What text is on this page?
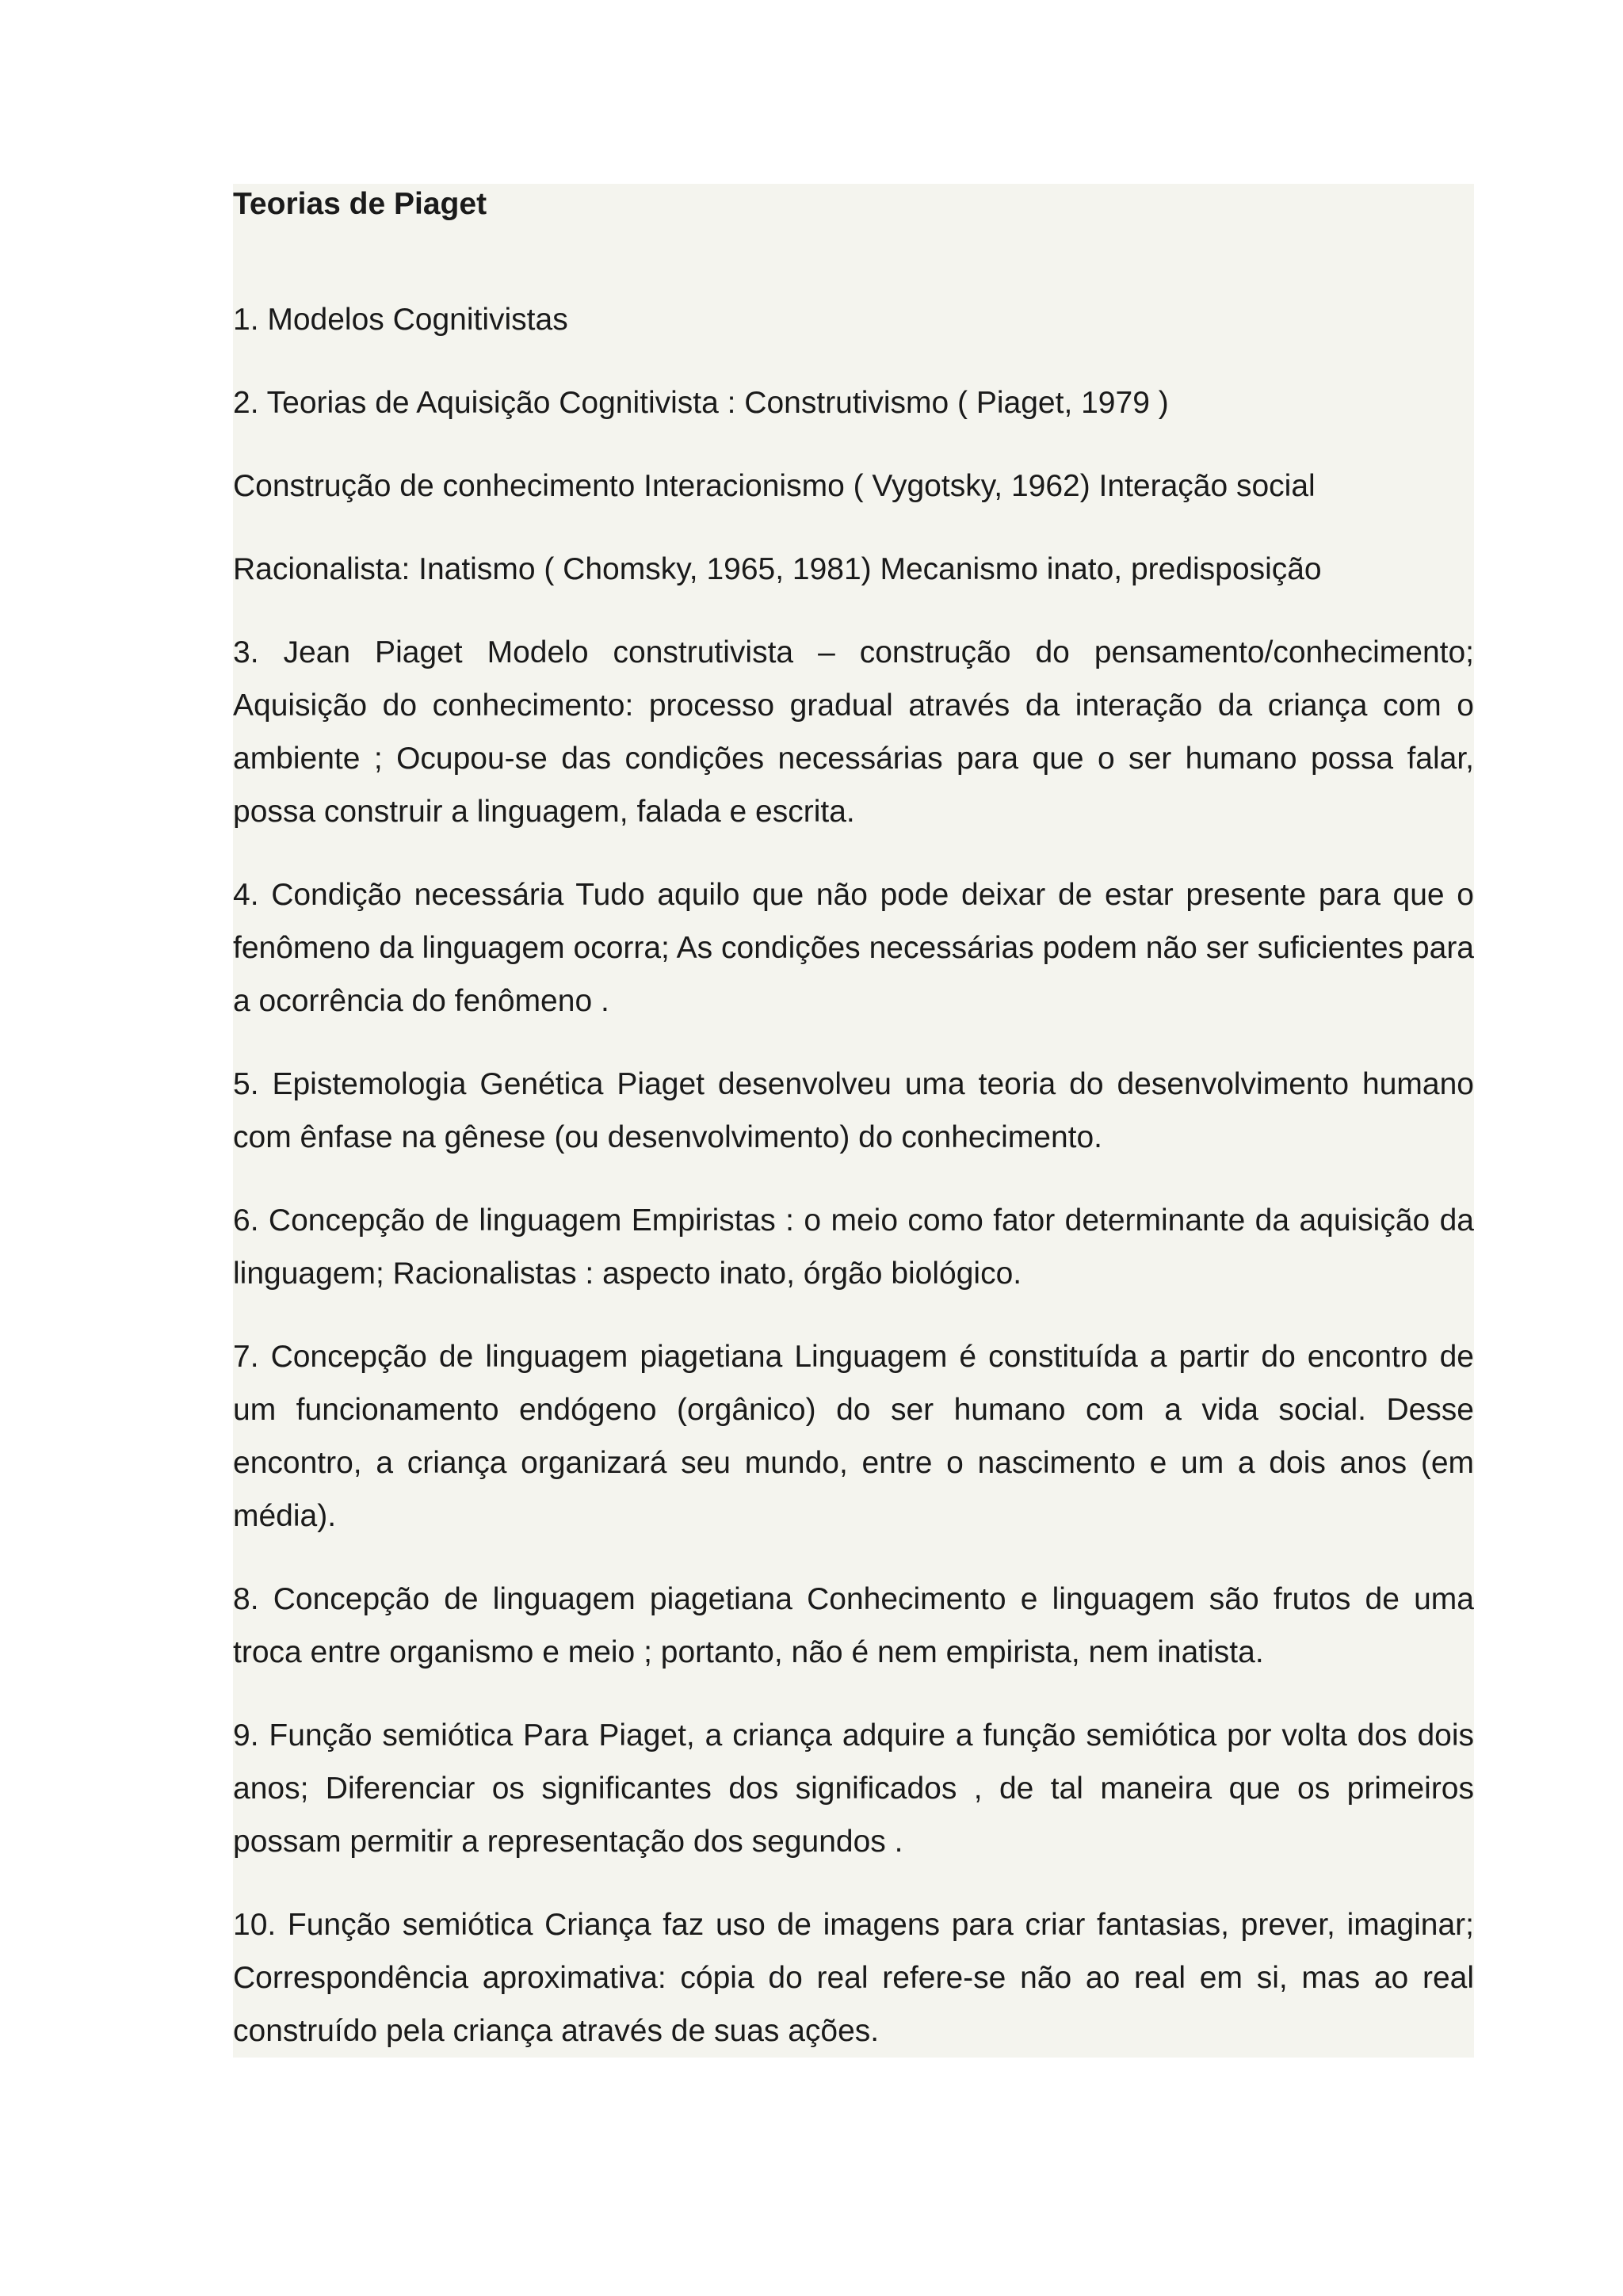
Teorias de Piaget

1. Modelos Cognitivistas

2. Teorias de Aquisição Cognitivista : Construtivismo ( Piaget, 1979 )

Construção de conhecimento Interacionismo ( Vygotsky, 1962) Interação social

Racionalista: Inatismo ( Chomsky, 1965, 1981) Mecanismo inato, predisposição

3. Jean Piaget Modelo construtivista – construção do pensamento/conhecimento; Aquisição do conhecimento: processo gradual através da interação da criança com o ambiente ; Ocupou-se das condições necessárias para que o ser humano possa falar, possa construir a linguagem, falada e escrita.

4. Condição necessária Tudo aquilo que não pode deixar de estar presente para que o fenômeno da linguagem ocorra; As condições necessárias podem não ser suficientes para a ocorrência do fenômeno .

5. Epistemologia Genética Piaget desenvolveu uma teoria do desenvolvimento humano com ênfase na gênese (ou desenvolvimento) do conhecimento.

6. Concepção de linguagem Empiristas : o meio como fator determinante da aquisição da linguagem; Racionalistas : aspecto inato, órgão biológico.

7. Concepção de linguagem piagetiana Linguagem é constituída a partir do encontro de um funcionamento endógeno (orgânico) do ser humano com a vida social. Desse encontro, a criança organizará seu mundo, entre o nascimento e um a dois anos (em média).

8. Concepção de linguagem piagetiana Conhecimento e linguagem são frutos de uma troca entre organismo e meio ; portanto, não é nem empirista, nem inatista.

9. Função semiótica Para Piaget, a criança adquire a função semiótica por volta dos dois anos; Diferenciar os significantes dos significados , de tal maneira que os primeiros possam permitir a representação dos segundos .

10. Função semiótica Criança faz uso de imagens para criar fantasias, prever, imaginar; Correspondência aproximativa: cópia do real refere-se não ao real em si, mas ao real construído pela criança através de suas ações.
